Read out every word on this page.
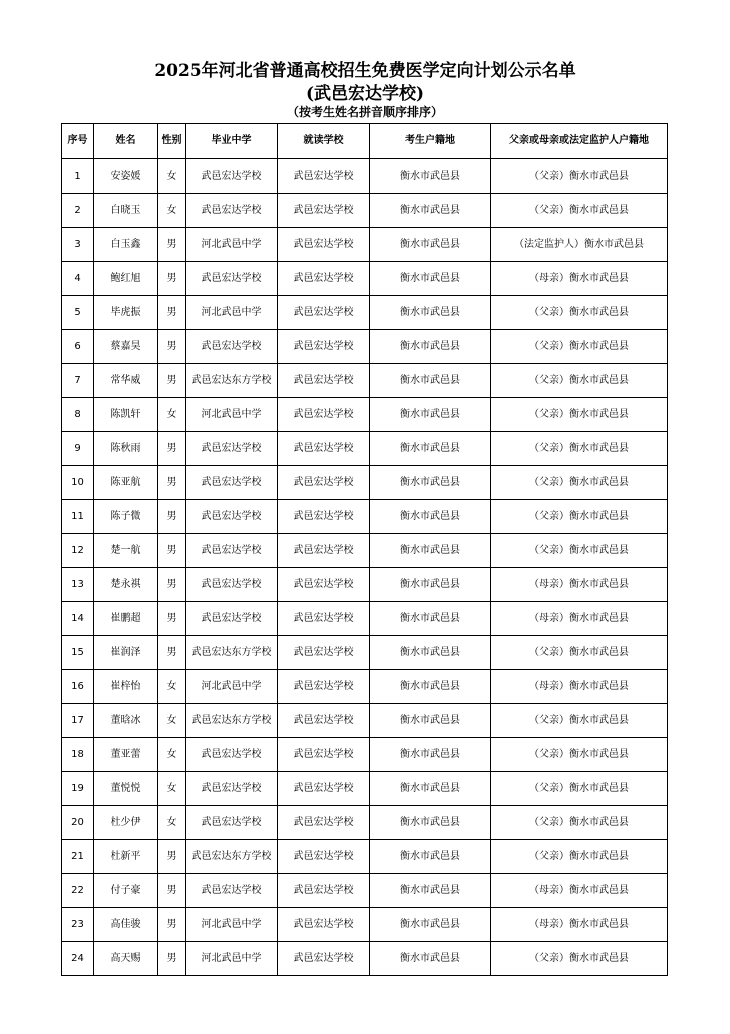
2025年河北省普通高校招生免费医学定向计划公示名单
(武邑宏达学校)
（按考生姓名拼音顺序排序）
序号	姓名	性别	毕业中学	就读学校	考生户籍地	父亲或母亲或法定监护人户籍地
1	安姿媛	女	武邑宏达学校	武邑宏达学校	衡水市武邑县	（父亲）衡水市武邑县
2	白晓玉	女	武邑宏达学校	武邑宏达学校	衡水市武邑县	（父亲）衡水市武邑县
3	白玉鑫	男	河北武邑中学	武邑宏达学校	衡水市武邑县	（法定监护人）衡水市武邑县
4	鲍红旭	男	武邑宏达学校	武邑宏达学校	衡水市武邑县	（母亲）衡水市武邑县
5	毕虎振	男	河北武邑中学	武邑宏达学校	衡水市武邑县	（父亲）衡水市武邑县
6	蔡嘉昊	男	武邑宏达学校	武邑宏达学校	衡水市武邑县	（父亲）衡水市武邑县
7	常华威	男	武邑宏达东方学校	武邑宏达学校	衡水市武邑县	（父亲）衡水市武邑县
8	陈凯轩	女	河北武邑中学	武邑宏达学校	衡水市武邑县	（父亲）衡水市武邑县
9	陈秋雨	男	武邑宏达学校	武邑宏达学校	衡水市武邑县	（父亲）衡水市武邑县
10	陈亚航	男	武邑宏达学校	武邑宏达学校	衡水市武邑县	（父亲）衡水市武邑县
11	陈子微	男	武邑宏达学校	武邑宏达学校	衡水市武邑县	（父亲）衡水市武邑县
12	楚一航	男	武邑宏达学校	武邑宏达学校	衡水市武邑县	（父亲）衡水市武邑县
13	楚永祺	男	武邑宏达学校	武邑宏达学校	衡水市武邑县	（母亲）衡水市武邑县
14	崔鹏超	男	武邑宏达学校	武邑宏达学校	衡水市武邑县	（母亲）衡水市武邑县
15	崔润泽	男	武邑宏达东方学校	武邑宏达学校	衡水市武邑县	（父亲）衡水市武邑县
16	崔梓怡	女	河北武邑中学	武邑宏达学校	衡水市武邑县	（母亲）衡水市武邑县
17	董晗冰	女	武邑宏达东方学校	武邑宏达学校	衡水市武邑县	（父亲）衡水市武邑县
18	董亚蕾	女	武邑宏达学校	武邑宏达学校	衡水市武邑县	（父亲）衡水市武邑县
19	董悦悦	女	武邑宏达学校	武邑宏达学校	衡水市武邑县	（父亲）衡水市武邑县
20	杜少伊	女	武邑宏达学校	武邑宏达学校	衡水市武邑县	（父亲）衡水市武邑县
21	杜新平	男	武邑宏达东方学校	武邑宏达学校	衡水市武邑县	（父亲）衡水市武邑县
22	付子豪	男	武邑宏达学校	武邑宏达学校	衡水市武邑县	（母亲）衡水市武邑县
23	高佳骏	男	河北武邑中学	武邑宏达学校	衡水市武邑县	（母亲）衡水市武邑县
24	高天赐	男	河北武邑中学	武邑宏达学校	衡水市武邑县	（父亲）衡水市武邑县
